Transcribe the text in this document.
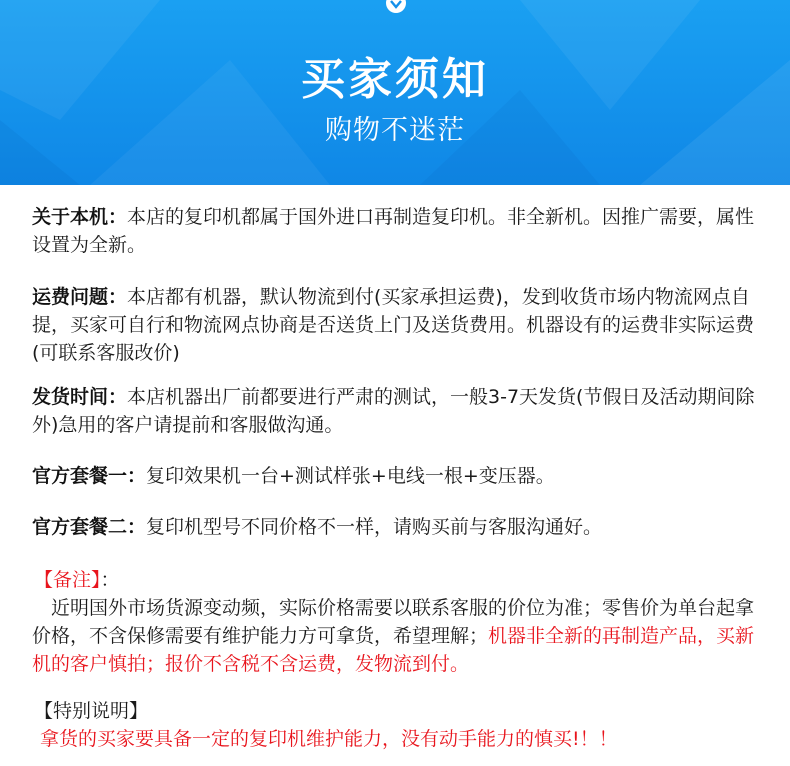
买家须知
购物不迷茫
关于本机：本店的复印机都属于国外进口再制造复印机。非全新机。因推广需要，属性设置为全新。
运费问题：本店都有机器，默认物流到付(买家承担运费)，发到收货市场内物流网点自提，买家可自行和物流网点协商是否送货上门及送货费用。机器设有的运费非实际运费(可联系客服改价)
发货时间：本店机器出厂前都要进行严肃的测试，一般3-7天发货(节假日及活动期间除外)急用的客户请提前和客服做沟通。
官方套餐一：复印效果机一台+测试样张+电线一根+变压器。
官方套餐二：复印机型号不同价格不一样，请购买前与客服沟通好。
【备注】：
近明国外市场货源变动频，实际价格需要以联系客服的价位为准；零售价为单台起拿价格，不含保修需要有维护能力方可拿货，希望理解；机器非全新的再制造产品，买新机的客户慎拍；报价不含税不含运费，发物流到付。
【特别说明】
拿货的买家要具备一定的复印机维护能力，没有动手能力的慎买!！！
